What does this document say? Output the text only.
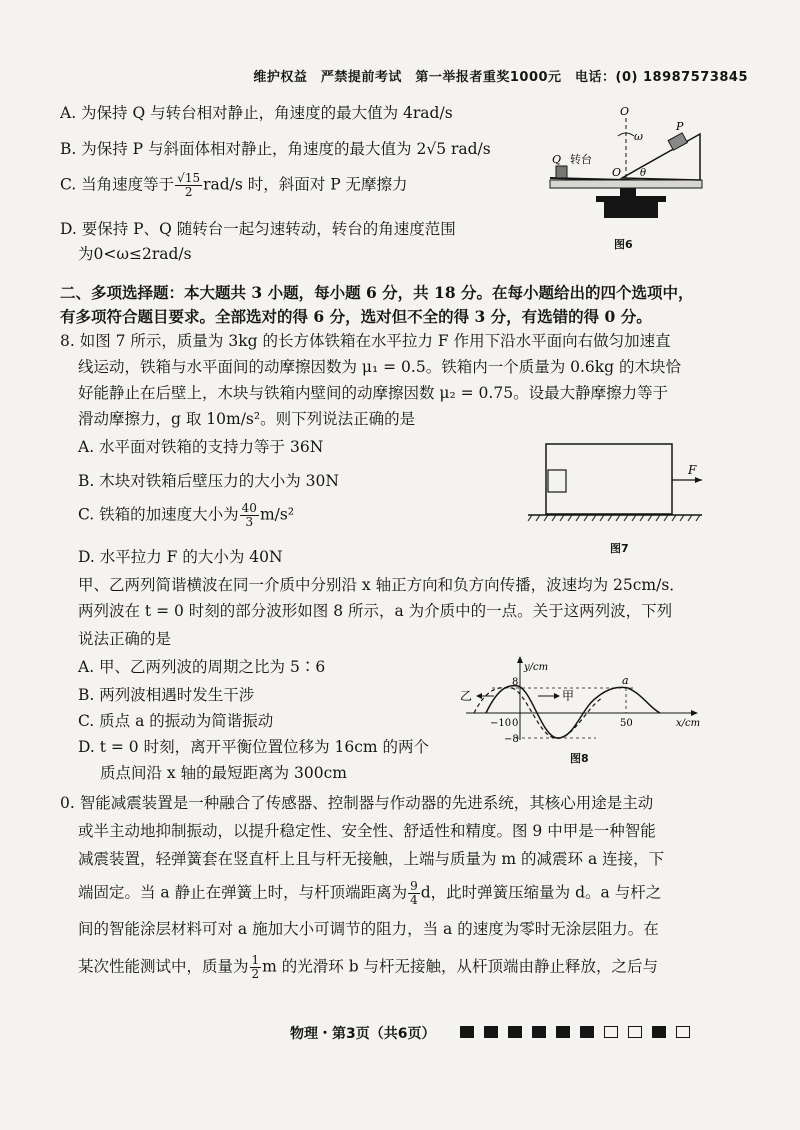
维护权益　严禁提前考试　第一举报者重奖1000元　电话：(0) 18987573845
A. 为保持 Q 与转台相对静止，角速度的最大值为 4rad/s
B. 为保持 P 与斜面体相对静止，角速度的最大值为 2√5 rad/s
C. 当角速度等于 $\frac{√15}{2} rad/s$ 时，斜面对 P 无摩擦力
D. 要保持 P、Q 随转台一起匀速转动，转台的角速度范围
为0<ω≤2rad/s
O
ω
P
Q 转台
O θ
图6
二、多项选择题：本大题共 3 小题，每小题 6 分，共 18 分。在每小题给出的四个选项中，
有多项符合题目要求。全部选对的得 6 分，选对但不全的得 3 分，有选错的得 0 分。
8. 如图 7 所示，质量为 3kg 的长方体铁箱在水平拉力 F 作用下沿水平面向右做匀加速直
线运动，铁箱与水平面间的动摩擦因数为 μ₁ = 0.5。铁箱内一个质量为 0.6kg 的木块恰
好能静止在后壁上，木块与铁箱内壁间的动摩擦因数 μ₂ = 0.75。设最大静摩擦力等于
滑动摩擦力，g 取 10m/s²。则下列说法正确的是
A. 水平面对铁箱的支持力等于 36N
B. 木块对铁箱后壁压力的大小为 30N
C. 铁箱的加速度大小为 $\frac{40}{3} m/s^2$
D. 水平拉力 F 的大小为 40N
F
图7
甲、乙两列简谐横波在同一介质中分别沿 x 轴正方向和负方向传播，波速均为 25cm/s．
两列波在 t = 0 时刻的部分波形如图 8 所示，a 为介质中的一点。关于这两列波，下列
说法正确的是
A. 甲、乙两列波的周期之比为 5∶6
B. 两列波相遇时发生干涉
C. 质点 a 的振动为简谐振动
D. t = 0 时刻，离开平衡位置位移为 16cm 的两个
质点间沿 x 轴的最短距离为 300cm
y/cm
8
−8
−10 0	50	x/cm
a
乙	甲
图8
0. 智能减震装置是一种融合了传感器、控制器与作动器的先进系统，其核心用途是主动
或半主动地抑制振动，以提升稳定性、安全性、舒适性和精度。图 9 中甲是一种智能
减震装置，轻弹簧套在竖直杆上且与杆无接触，上端与质量为 m 的减震环 a 连接，下
端固定。当 a 静止在弹簧上时，与杆顶端距离为 $\frac{9}{4}$ d，此时弹簧压缩量为 d。a 与杆之
间的智能涂层材料可对 a 施加大小可调节的阻力，当 a 的速度为零时无涂层阻力。在
某次性能测试中，质量为 $\frac{1}{2}$ m 的光滑环 b 与杆无接触，从杆顶端由静止释放，之后与
物理・第3页（共6页）
